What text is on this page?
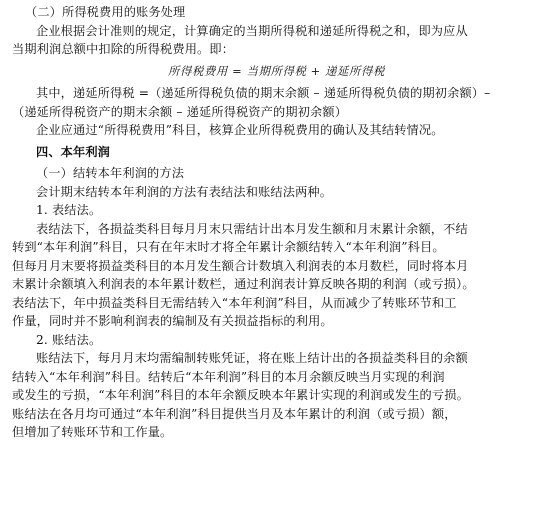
（二）所得税费用的账务处理
企业根据会计准则的规定，计算确定的当期所得税和递延所得税之和，即为应从
当期利润总额中扣除的所得税费用。即：
所得税费用 = 当期所得税 + 递延所得税
其中，递延所得税 =（递延所得税负债的期末余额 – 递延所得税负债的期初余额）–
（递延所得税资产的期末余额 – 递延所得税资产的期初余额）
企业应通过“所得税费用”科目，核算企业所得税费用的确认及其结转情况。
四、本年利润
（一）结转本年利润的方法
会计期末结转本年利润的方法有表结法和账结法两种。
1. 表结法。
表结法下，各损益类科目每月月末只需结计出本月发生额和月末累计余额，不结
转到“本年利润”科目，只有在年末时才将全年累计余额结转入“本年利润”科目。
但每月月末要将损益类科目的本月发生额合计数填入利润表的本月数栏，同时将本月
末累计余额填入利润表的本年累计数栏，通过利润表计算反映各期的利润（或亏损）。
表结法下，年中损益类科目无需结转入“本年利润”科目，从而减少了转账环节和工
作量，同时并不影响利润表的编制及有关损益指标的利用。
2. 账结法。
账结法下，每月月末均需编制转账凭证，将在账上结计出的各损益类科目的余额
结转入“本年利润”科目。结转后“本年利润”科目的本月余额反映当月实现的利润
或发生的亏损，“本年利润”科目的本年余额反映本年累计实现的利润或发生的亏损。
账结法在各月均可通过“本年利润”科目提供当月及本年累计的利润（或亏损）额，
但增加了转账环节和工作量。
